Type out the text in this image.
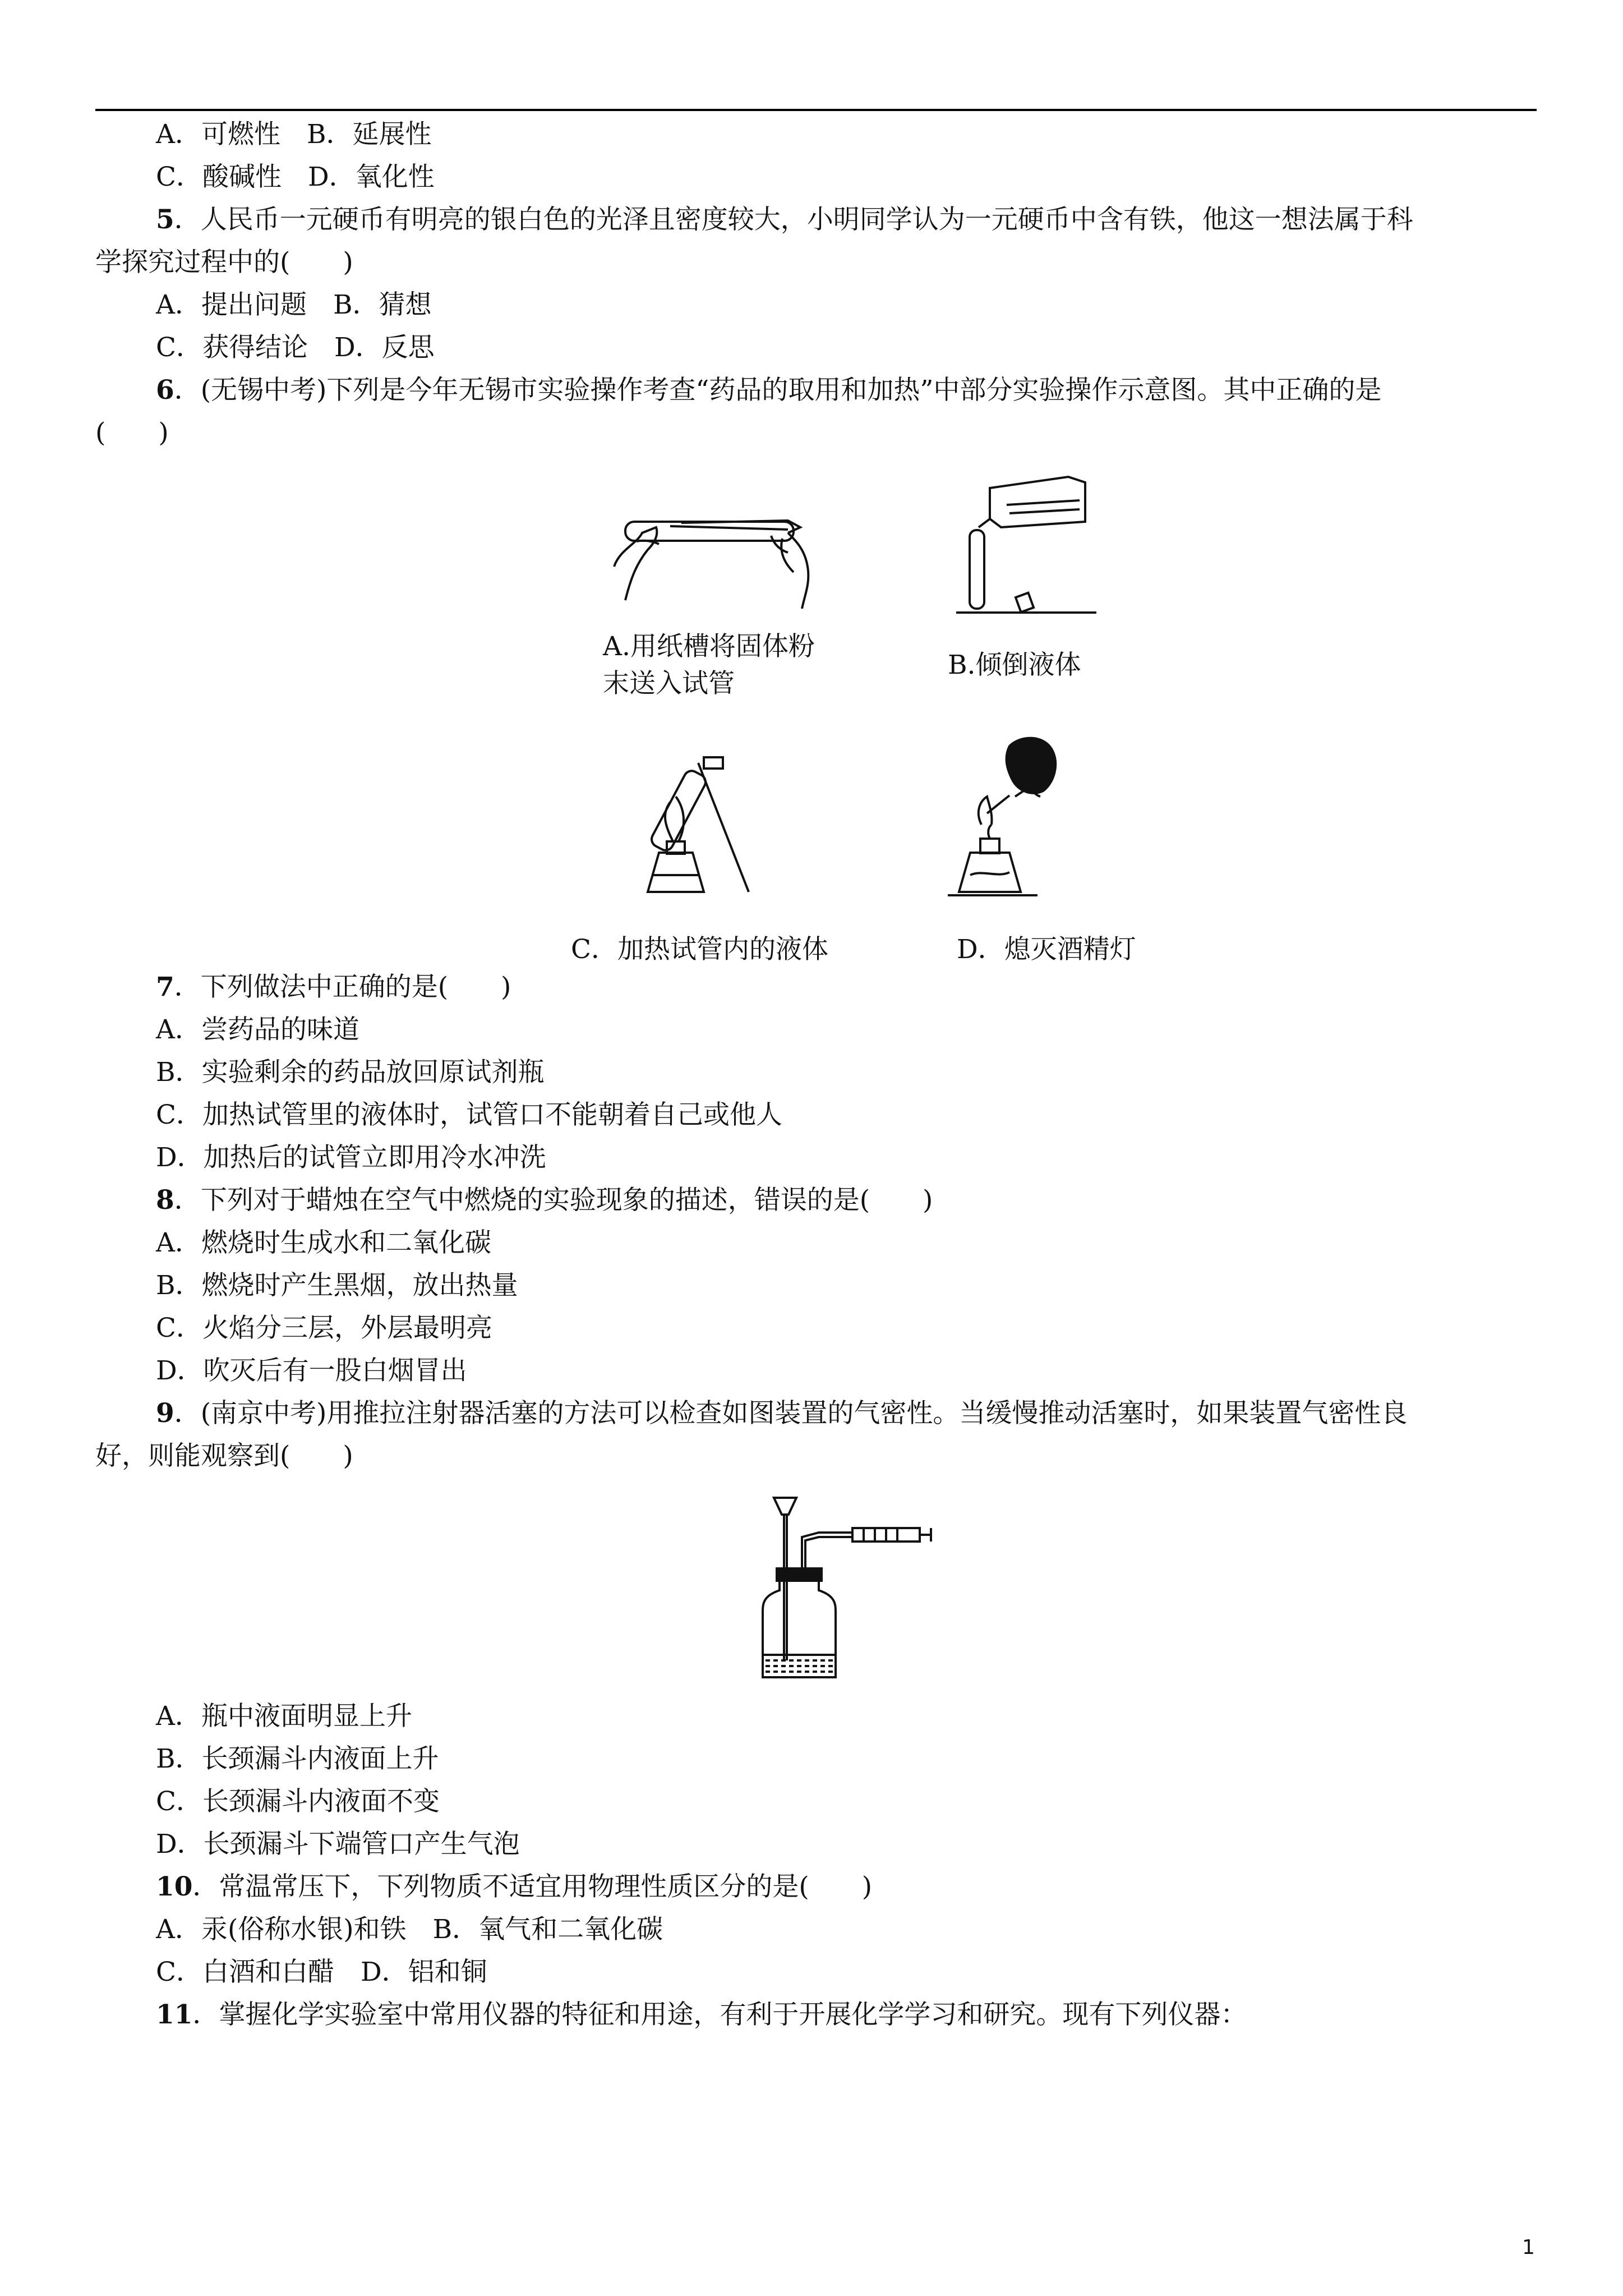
A．可燃性　B．延展性
C．酸碱性　D．氧化性
5．人民币一元硬币有明亮的银白色的光泽且密度较大，小明同学认为一元硬币中含有铁，他这一想法属于科
学探究过程中的(　　)
A．提出问题　B．猜想
C．获得结论　D．反思
6．(无锡中考)下列是今年无锡市实验操作考查“药品的取用和加热”中部分实验操作示意图。其中正确的是
(　　)
A.用纸槽将固体粉
末送入试管
B.倾倒液体
C．加热试管内的液体	D．熄灭酒精灯
7．下列做法中正确的是(　　)
A．尝药品的味道
B．实验剩余的药品放回原试剂瓶
C．加热试管里的液体时，试管口不能朝着自己或他人
D．加热后的试管立即用冷水冲洗
8．下列对于蜡烛在空气中燃烧的实验现象的描述，错误的是(　　)
A．燃烧时生成水和二氧化碳
B．燃烧时产生黑烟，放出热量
C．火焰分三层，外层最明亮
D．吹灭后有一股白烟冒出
9．(南京中考)用推拉注射器活塞的方法可以检查如图装置的气密性。当缓慢推动活塞时，如果装置气密性良
好，则能观察到(　　)
A．瓶中液面明显上升
B．长颈漏斗内液面上升
C．长颈漏斗内液面不变
D．长颈漏斗下端管口产生气泡
10．常温常压下，下列物质不适宜用物理性质区分的是(　　)
A．汞(俗称水银)和铁　B．氧气和二氧化碳
C．白酒和白醋　D．铝和铜
11．掌握化学实验室中常用仪器的特征和用途，有利于开展化学学习和研究。现有下列仪器：
1
